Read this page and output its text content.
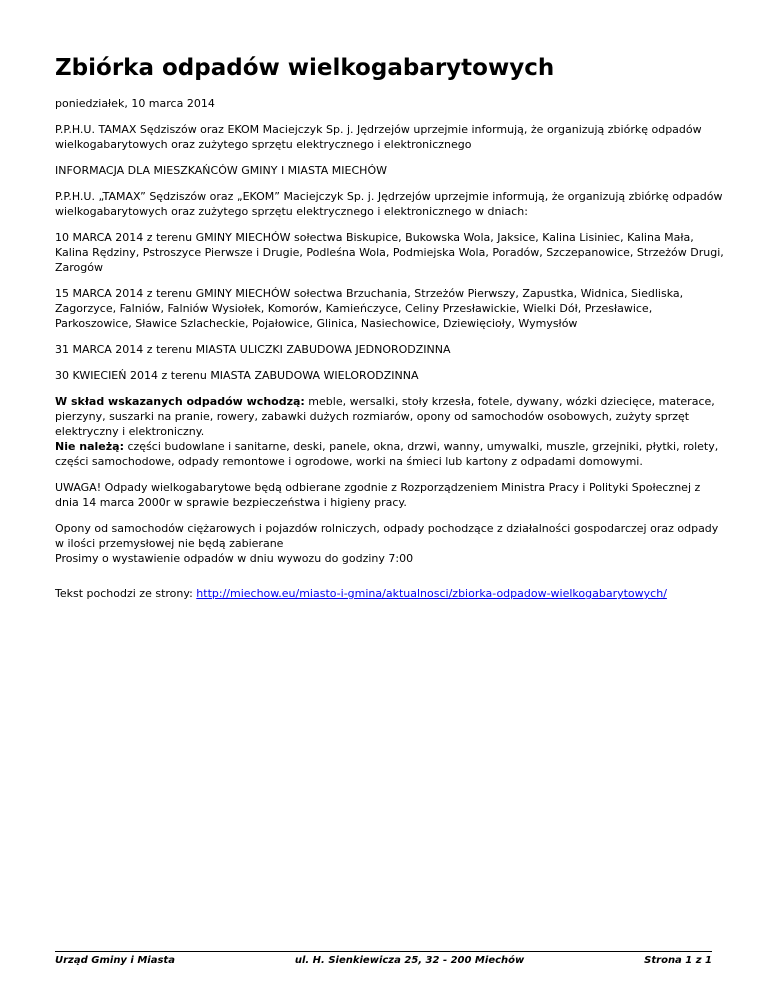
Zbiórka odpadów wielkogabarytowych

poniedziałek, 10 marca 2014

P.P.H.U. TAMAX Sędziszów oraz EKOM Maciejczyk Sp. j. Jędrzejów uprzejmie informują, że organizują zbiórkę odpadów wielkogabarytowych oraz zużytego sprzętu elektrycznego i elektronicznego

INFORMACJA DLA MIESZKAŃCÓW GMINY I MIASTA MIECHÓW

P.P.H.U. „TAMAX” Sędziszów oraz „EKOM” Maciejczyk Sp. j. Jędrzejów uprzejmie informują, że organizują zbiórkę odpadów wielkogabarytowych oraz zużytego sprzętu elektrycznego i elektronicznego w dniach:

10 MARCA 2014 z terenu GMINY MIECHÓW sołectwa Biskupice, Bukowska Wola, Jaksice, Kalina Lisiniec, Kalina Mała, Kalina Rędziny, Pstroszyce Pierwsze i Drugie, Podleśna Wola, Podmiejska Wola, Poradów, Szczepanowice, Strzeżów Drugi, Zarogów

15 MARCA 2014 z terenu GMINY MIECHÓW sołectwa Brzuchania, Strzeżów Pierwszy, Zapustka, Widnica, Siedliska, Zagorzyce, Falniów, Falniów Wysiołek, Komorów, Kamieńczyce, Celiny Przesławickie, Wielki Dół, Przesławice, Parkoszowice, Sławice Szlacheckie, Pojałowice, Glinica, Nasiechowice, Dziewięcioły, Wymysłów

31 MARCA 2014 z terenu MIASTA ULICZKI ZABUDOWA JEDNORODZINNA

30 KWIECIEŃ 2014 z terenu MIASTA ZABUDOWA WIELORODZINNA

W skład wskazanych odpadów wchodzą: meble, wersalki, stoły krzesła, fotele, dywany, wózki dziecięce, materace, pierzyny, suszarki na pranie, rowery, zabawki dużych rozmiarów, opony od samochodów osobowych, zużyty sprzęt elektryczny i elektroniczny.
Nie należą: części budowlane i sanitarne, deski, panele, okna, drzwi, wanny, umywalki, muszle, grzejniki, płytki, rolety, części samochodowe, odpady remontowe i ogrodowe, worki na śmieci lub kartony z odpadami domowymi.

UWAGA! Odpady wielkogabarytowe będą odbierane zgodnie z Rozporządzeniem Ministra Pracy i Polityki Społecznej z dnia 14 marca 2000r w sprawie bezpieczeństwa i higieny pracy.

Opony od samochodów ciężarowych i pojazdów rolniczych, odpady pochodzące z działalności gospodarczej oraz odpady w ilości przemysłowej nie będą zabierane
Prosimy o wystawienie odpadów w dniu wywozu do godziny 7:00

Tekst pochodzi ze strony: http://miechow.eu/miasto-i-gmina/aktualnosci/zbiorka-odpadow-wielkogabarytowych/

Urząd Gminy i Miasta	ul. H. Sienkiewicza 25, 32 - 200 Miechów	Strona 1 z 1
